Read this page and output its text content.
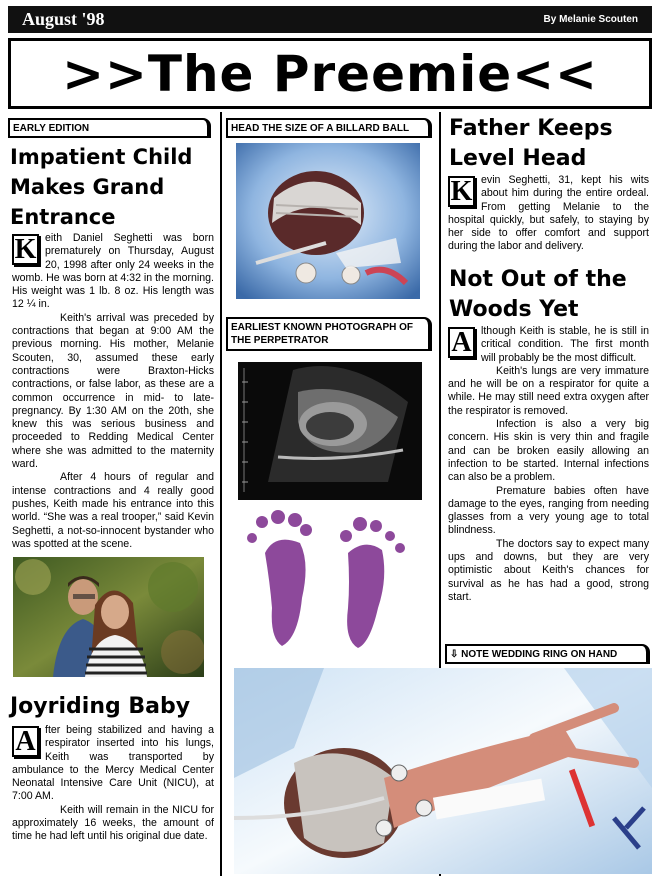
August '98	By Melanie Scouten
>>The Preemie<<
EARLY EDITION
Impatient Child Makes Grand Entrance

K eith Daniel Seghetti was born prematurely on Thursday, August 20, 1998 after only 24 weeks in the womb. He was born at 4:32 in the morning. His weight was 1 lb. 8 oz. His length was 12 ¼ in.

Keith's arrival was preceded by contractions that began at 9:00 AM the previous morning. His mother, Melanie Scouten, 30, assumed these early contractions were Braxton-Hicks contractions, or false labor, as these are a common occurrence in mid- to late-pregnancy. By 1:30 AM on the 20th, she knew this was serious business and proceeded to Redding Medical Center where she was admitted to the maternity ward.

After 4 hours of regular and intense contractions and 4 really good pushes, Keith made his entrance into this world. “She was a real trooper,” said Kevin Seghetti, a not-so-innocent bystander who was spotted at the scene.

Joyriding Baby

A fter being stabilized and having a respirator inserted into his lungs, Keith was transported by ambulance to the Mercy Medical Center Neonatal Intensive Care Unit (NICU), at 7:00 AM.

Keith will remain in the NICU for approximately 16 weeks, the amount of time he had left until his original due date.

HEAD THE SIZE OF A BILLARD BALL
EARLIEST KNOWN PHOTOGRAPH OF THE PERPETRATOR
Father Keeps Level Head

K evin Seghetti, 31, kept his wits about him during the entire ordeal. From getting Melanie to the hospital quickly, but safely, to staying by her side to offer comfort and support during the labor and delivery.

Not Out of the Woods Yet

A lthough Keith is stable, he is still in critical condition. The first month will probably be the most difficult.

Keith's lungs are very immature and he will be on a respirator for quite a while. He may still need extra oxygen after the respirator is removed.

Infection is also a very big concern. His skin is very thin and fragile and can be broken easily allowing an infection to be started. Internal infections can also be a problem.

Premature babies often have damage to the eyes, ranging from needing glasses from a very young age to total blindness.

The doctors say to expect many ups and downs, but they are very optimistic about Keith's chances for survival as he has had a good, strong start.

⇩ NOTE WEDDING RING ON HAND
